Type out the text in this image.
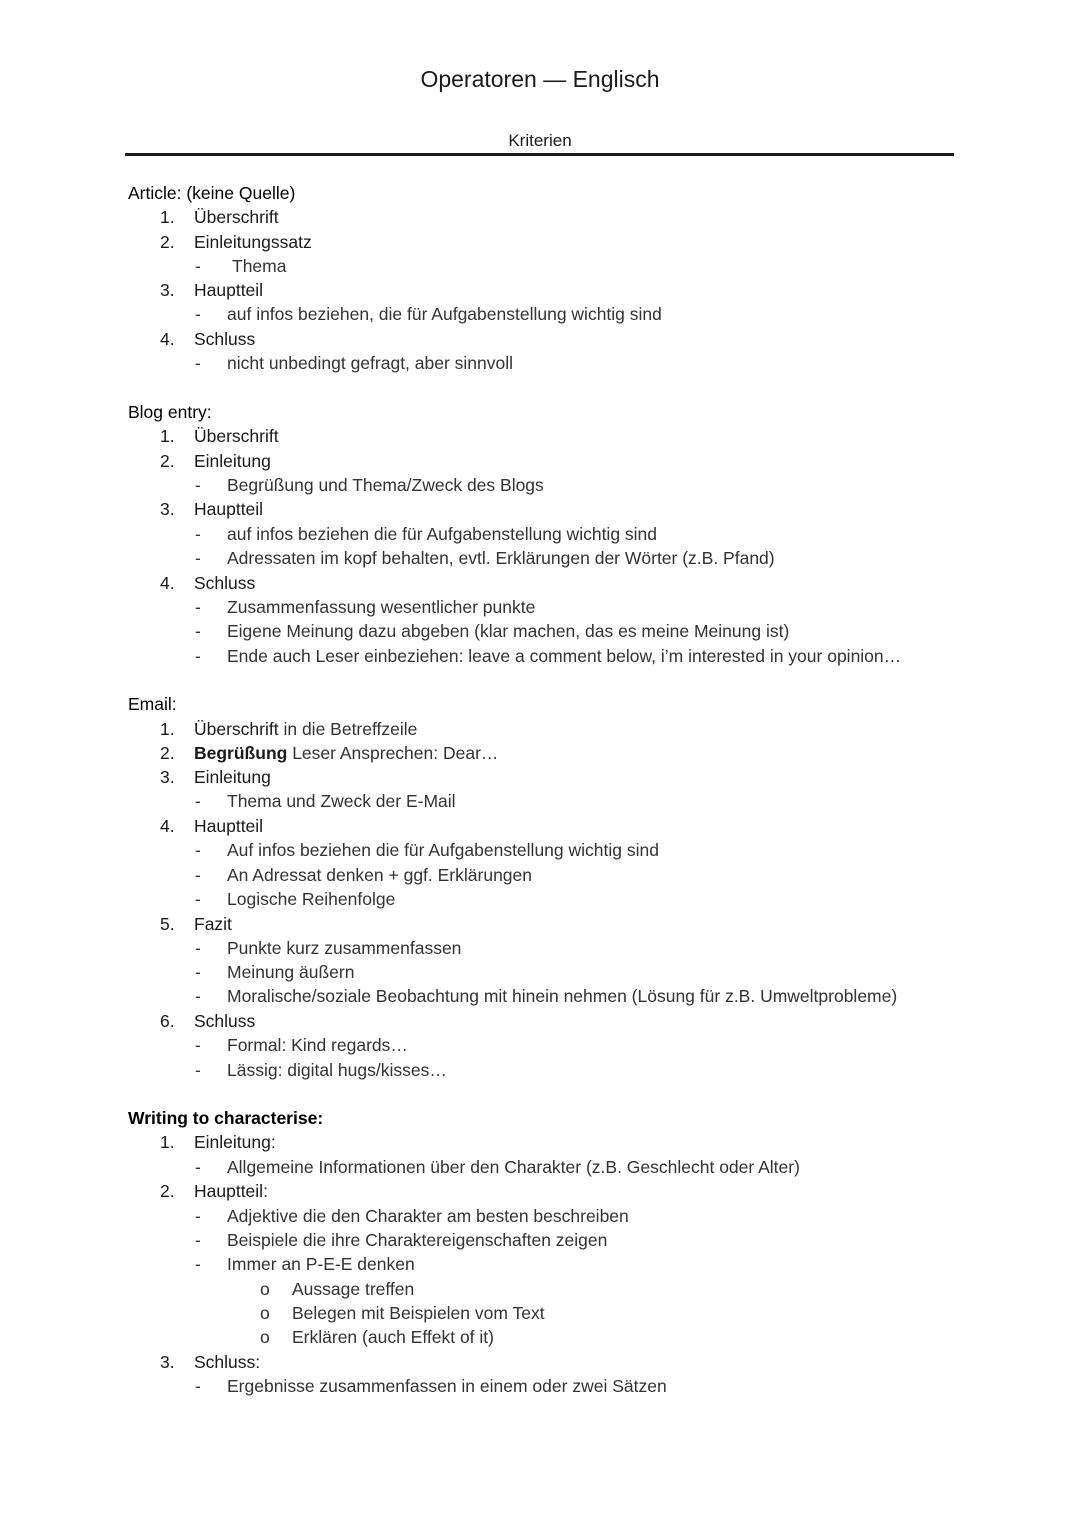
Operatoren — Englisch
Kriterien
Article: (keine Quelle)
1. Überschrift
2. Einleitungssatz
- Thema
3. Hauptteil
- auf infos beziehen, die für Aufgabenstellung wichtig sind
4. Schluss
- nicht unbedingt gefragt, aber sinnvoll
Blog entry:
1. Überschrift
2. Einleitung
- Begrüßung und Thema/Zweck des Blogs
3. Hauptteil
- auf infos beziehen die für Aufgabenstellung wichtig sind
- Adressaten im kopf behalten, evtl. Erklärungen der Wörter (z.B. Pfand)
4. Schluss
- Zusammenfassung wesentlicher punkte
- Eigene Meinung dazu abgeben (klar machen, das es meine Meinung ist)
- Ende auch Leser einbeziehen: leave a comment below, i’m interested in your opinion…
Email:
1. Überschrift in die Betreffzeile
2. Begrüßung Leser Ansprechen: Dear…
3. Einleitung
- Thema und Zweck der E-Mail
4. Hauptteil
- Auf infos beziehen die für Aufgabenstellung wichtig sind
- An Adressat denken + ggf. Erklärungen
- Logische Reihenfolge
5. Fazit
- Punkte kurz zusammenfassen
- Meinung äußern
- Moralische/soziale Beobachtung mit hinein nehmen (Lösung für z.B. Umweltprobleme)
6. Schluss
- Formal: Kind regards…
- Lässig: digital hugs/kisses…
Writing to characterise:
1. Einleitung:
- Allgemeine Informationen über den Charakter (z.B. Geschlecht oder Alter)
2. Hauptteil:
- Adjektive die den Charakter am besten beschreiben
- Beispiele die ihre Charaktereigenschaften zeigen
- Immer an P-E-E denken
o Aussage treffen
o Belegen mit Beispielen vom Text
o Erklären (auch Effekt of it)
3. Schluss:
- Ergebnisse zusammenfassen in einem oder zwei Sätzen
